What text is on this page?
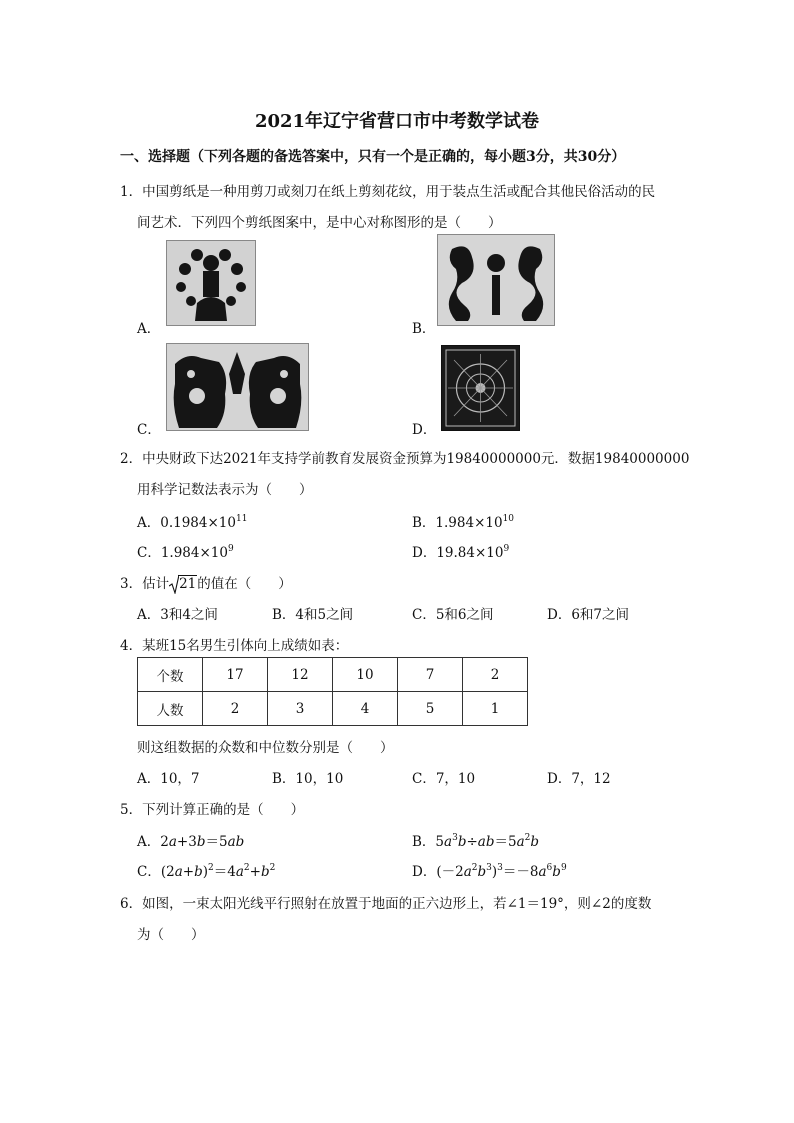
2021年辽宁省营口市中考数学试卷
一、选择题（下列各题的备选答案中，只有一个是正确的，每小题3分，共30分）
1．中国剪纸是一种用剪刀或刻刀在纸上剪刻花纹，用于装点生活或配合其他民俗活动的民
间艺术．下列四个剪纸图案中，是中心对称图形的是（　　）
A．	B．
C．	D．
2．中央财政下达2021年支持学前教育发展资金预算为19840000000元．数据19840000000
用科学记数法表示为（　　）
A．$0.1984\times 10^{11}$	B．$1.984\times 10^{10}$
C．$1.984\times 10^9$	D．$19.84\times 10^9$
3．估计 21的值在（　　）
A．3和4之间	B．4和5之间	C．5和6之间	D．6和7之间
4．某班15名男生引体向上成绩如表：
个数	17	12	10	7	2
人数	2	3	4	5	1
则这组数据的众数和中位数分别是（　　）
A．10，7	B．10，10	C．7，10	D．7，12
5．下列计算正确的是（　　）
A．2a+3b＝5ab	B．$5a^3b\div ab=5a^2b$
C．$(2a+b)^2=4a^2+b^2$	D．$(-2a^2b^3)^3=-8a^6b^9$
6．如图，一束太阳光线平行照射在放置于地面的正六边形上，若∠1＝19°，则∠2的度数
为（　　）
